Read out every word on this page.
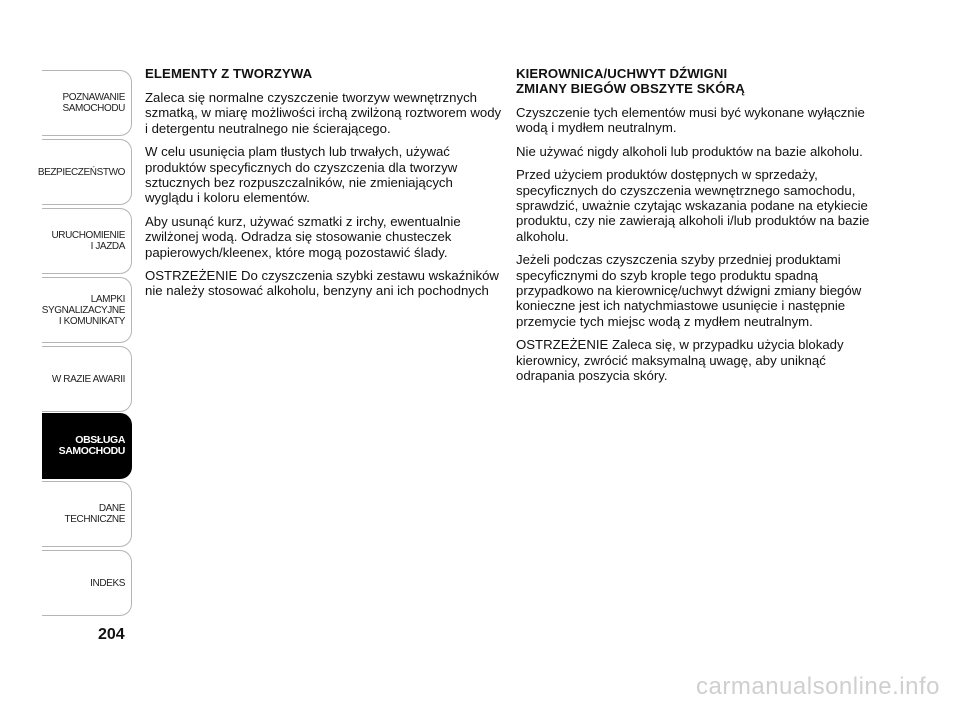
POZNAWANIE
SAMOCHODU
BEZPIECZEŃSTWO
URUCHOMIENIE
I JAZDA
LAMPKI
SYGNALIZACYJNE
I KOMUNIKATY
W RAZIE AWARII
OBSŁUGA
SAMOCHODU
DANE
TECHNICZNE
INDEKS
204
ELEMENTY Z TWORZYWA

Zaleca się normalne czyszczenie tworzyw wewnętrznych szmatką, w miarę możliwości irchą zwilżoną roztworem wody i detergentu neutralnego nie ścierającego.

W celu usunięcia plam tłustych lub trwałych, używać produktów specyficznych do czyszczenia dla tworzyw sztucznych bez rozpuszczalników, nie zmieniających wyglądu i koloru elementów.

Aby usunąć kurz, używać szmatki z irchy, ewentualnie zwilżonej wodą. Odradza się stosowanie chusteczek papierowych/kleenex, które mogą pozostawić ślady.

OSTRZEŻENIE Do czyszczenia szybki zestawu wskaźników nie należy stosować alkoholu, benzyny ani ich pochodnych

KIEROWNICA/UCHWYT DŹWIGNI
ZMIANY BIEGÓW OBSZYTE SKÓRĄ

Czyszczenie tych elementów musi być wykonane wyłącznie wodą i mydłem neutralnym.

Nie używać nigdy alkoholi lub produktów na bazie alkoholu.

Przed użyciem produktów dostępnych w sprzedaży, specyficznych do czyszczenia wewnętrznego samochodu, sprawdzić, uważnie czytając wskazania podane na etykiecie produktu, czy nie zawierają alkoholi i/lub produktów na bazie alkoholu.

Jeżeli podczas czyszczenia szyby przedniej produktami specyficznymi do szyb krople tego produktu spadną przypadkowo na kierownicę/uchwyt dźwigni zmiany biegów konieczne jest ich natychmiastowe usunięcie i następnie przemycie tych miejsc wodą z mydłem neutralnym.

OSTRZEŻENIE Zaleca się, w przypadku użycia blokady kierownicy, zwrócić maksymalną uwagę, aby uniknąć odrapania poszycia skóry.

carmanualsonline.info
